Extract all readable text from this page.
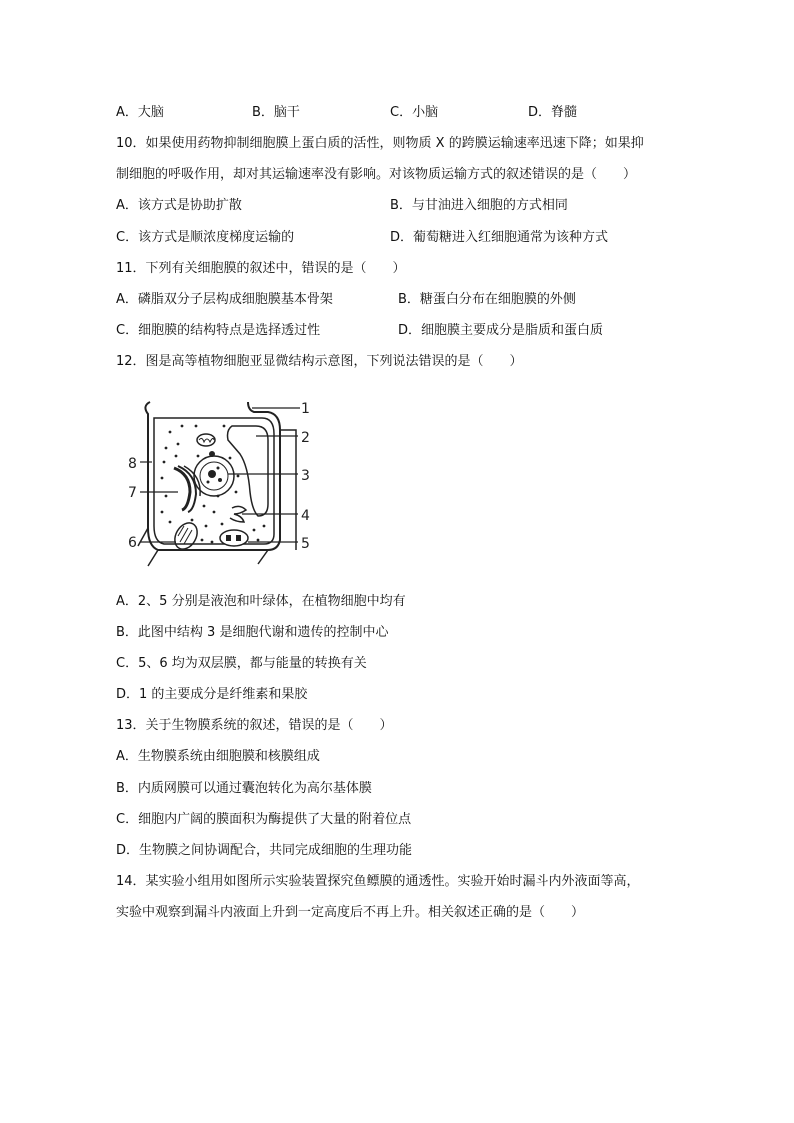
A．大脑	B．脑干	C．小脑	D．脊髓
10．如果使用药物抑制细胞膜上蛋白质的活性，则物质 X 的跨膜运输速率迅速下降；如果抑
制细胞的呼吸作用，却对其运输速率没有影响。对该物质运输方式的叙述错误的是（　　）
A．该方式是协助扩散	B．与甘油进入细胞的方式相同
C．该方式是顺浓度梯度运输的	D．葡萄糖进入红细胞通常为该种方式
11．下列有关细胞膜的叙述中，错误的是（　　）
A．磷脂双分子层构成细胞膜基本骨架	B．糖蛋白分布在细胞膜的外侧
C．细胞膜的结构特点是选择透过性	D．细胞膜主要成分是脂质和蛋白质
12．图是高等植物细胞亚显微结构示意图，下列说法错误的是（　　）
1
2
3
4
5
6
7
8
A．2、5 分别是液泡和叶绿体，在植物细胞中均有
B．此图中结构 3 是细胞代谢和遗传的控制中心
C．5、6 均为双层膜，都与能量的转换有关
D．1 的主要成分是纤维素和果胶
13．关于生物膜系统的叙述，错误的是（　　）
A．生物膜系统由细胞膜和核膜组成
B．内质网膜可以通过囊泡转化为高尔基体膜
C．细胞内广阔的膜面积为酶提供了大量的附着位点
D．生物膜之间协调配合，共同完成细胞的生理功能
14．某实验小组用如图所示实验装置探究鱼鳔膜的通透性。实验开始时漏斗内外液面等高，
实验中观察到漏斗内液面上升到一定高度后不再上升。相关叙述正确的是（　　）
